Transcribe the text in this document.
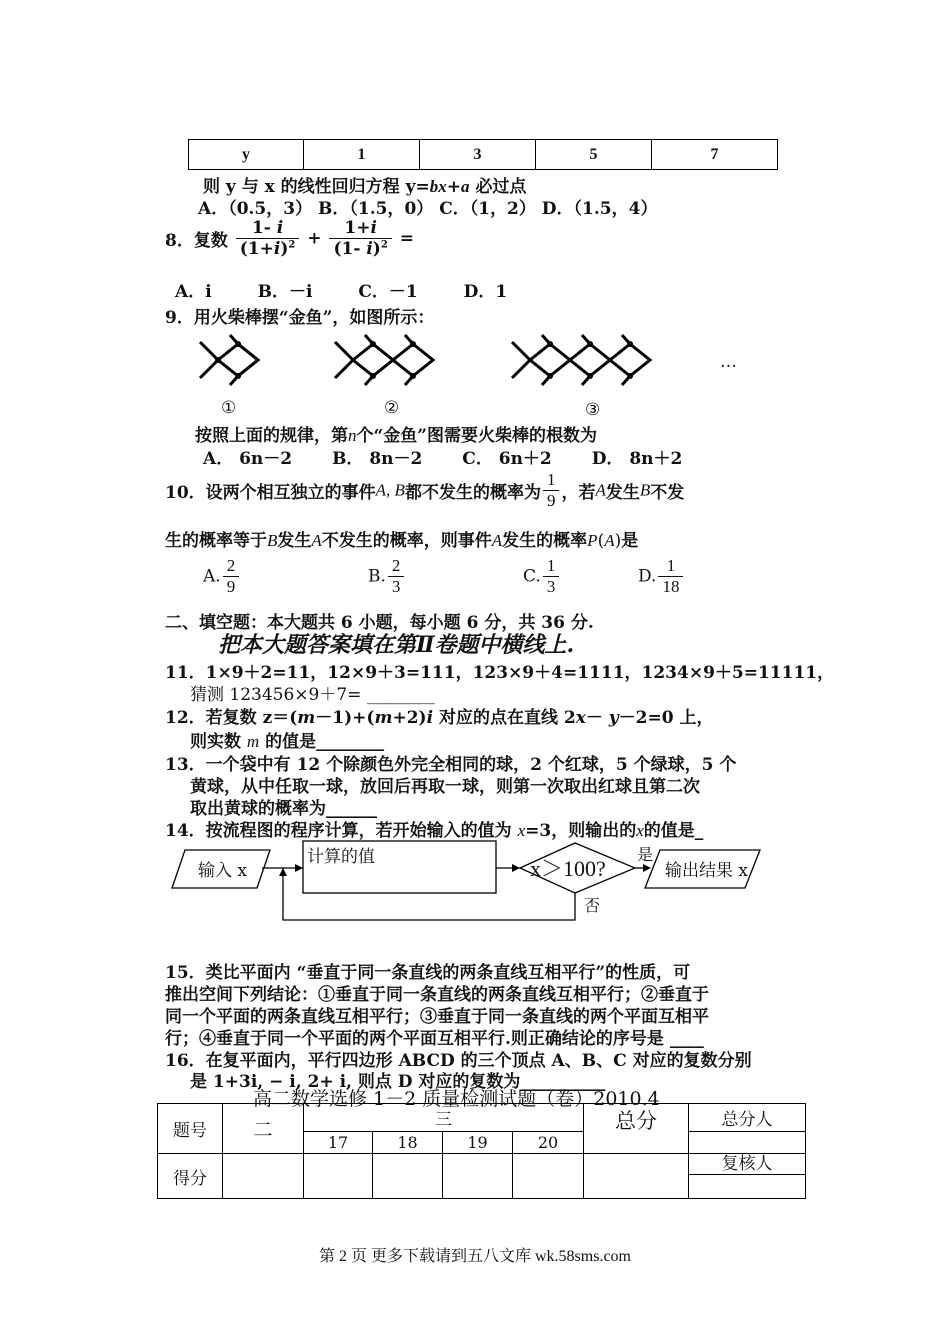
y	1	3	5	7
则 y 与 x 的线性回归方程 y=bx+a 必过点
A．（0.5，3） B．（1.5，0） C．（1，2） D．（1.5，4）
8．复数 $\frac{1- i}{(1+i)^2} + \frac{1+i}{(1- i)^2}$ =
A．i	B．－i	C．－1	D．1
9．用火柴棒摆“金鱼”，如图所示：
①	②	③
…
按照上面的规律，第n个“金鱼”图需要火柴棒的根数为
A． 6n－2 B． 8n－2 C． 6n＋2 D． 8n＋2
10．设两个相互独立的事件A, B都不发生的概率为 $\frac{1}{9}$ ，若A发生B不发
生的概率等于B发生A不发生的概率，则事件A发生的概率P(A)是
A. $\frac{2}{9}$	B. $\frac{2}{3}$	C. $\frac{1}{3}$	D. $\frac{1}{18}$
二、填空题：本大题共 6 小题，每小题 6 分，共 36 分.
把本大题答案填在第Ⅱ卷题中横线上.
11．1×9＋2=11，12×9＋3=111，123×9＋4=1111，1234×9＋5=11111，
猜测 123456×9＋7= ________
12．若复数 z＝(m－1)+(m+2)i 对应的点在直线 2x－ y－2=0 上，
则实数 m 的值是________
13．一个袋中有 12 个除颜色外完全相同的球，2 个红球，5 个绿球，5 个
黄球，从中任取一球，放回后再取一球，则第一次取出红球且第二次
取出黄球的概率为______
14．按流程图的程序计算，若开始输入的值为 x=3，则输出的x的值是_
输入 x
计算的值	x＞100?
是
否
输出结果 x
15．类比平面内 “垂直于同一条直线的两条直线互相平行”的性质，可
推出空间下列结论：①垂直于同一条直线的两条直线互相平行；②垂直于
同一个平面的两条直线互相平行；③垂直于同一条直线的两个平面互相平
行；④垂直于同一个平面的两个平面互相平行.则正确结论的序号是 ____
16．在复平面内，平行四边形 ABCD 的三个顶点 A、B、C 对应的复数分别
是 1+3i, − i, 2+ i, 则点 D 对应的复数为__________
高二数学选修 1－2 质量检测试题（卷）2010.4
题号	二	三				总分	总分人
		17	18	19	20		
得分							复核人
第 2 页 更多下载请到五八文库 wk.58sms.com
